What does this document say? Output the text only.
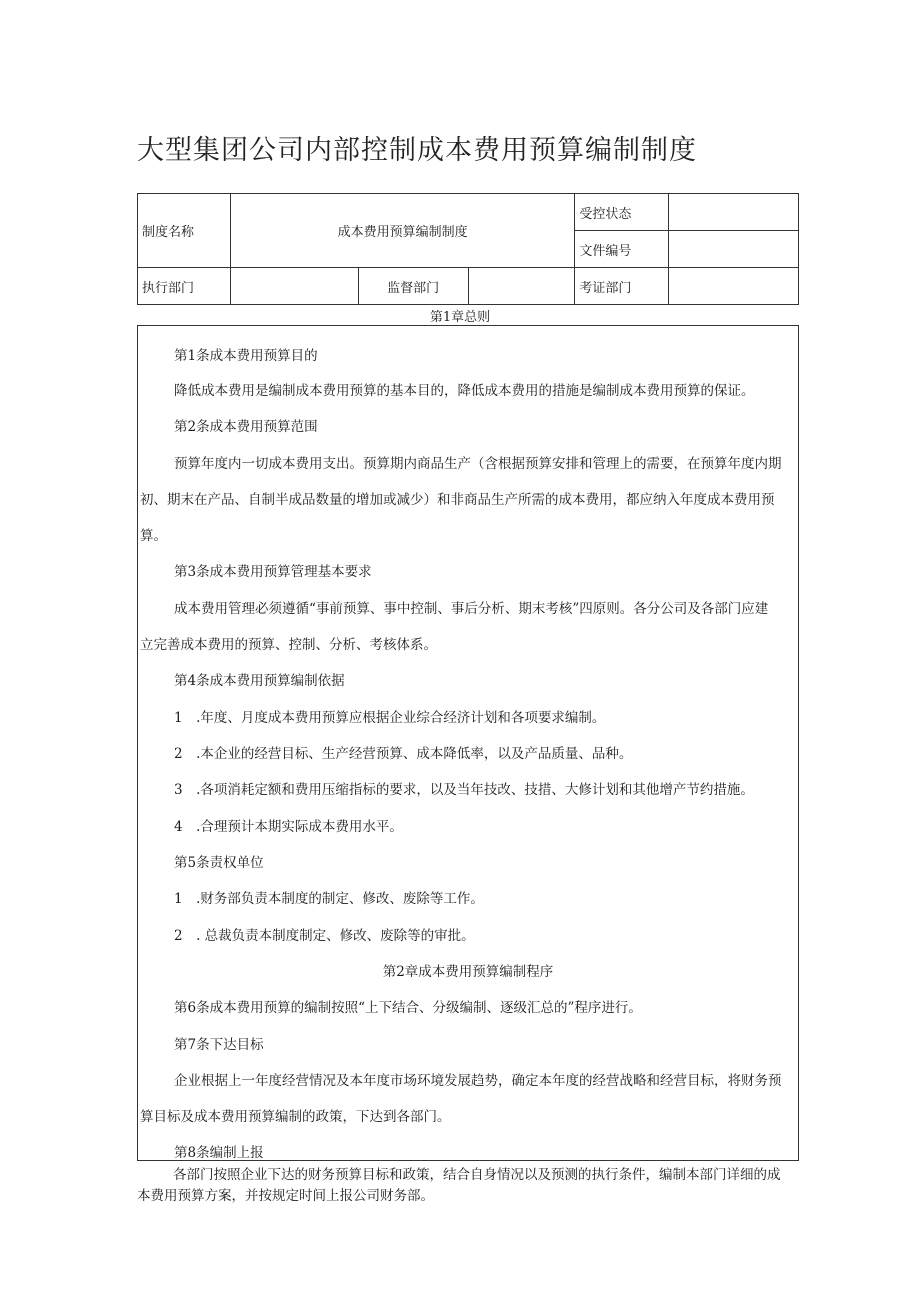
大型集团公司内部控制成本费用预算编制制度
制度名称	成本费用预算编制制度			受控状态	
				文件编号	
执行部门		监督部门		考证部门	
第1章总则
第1条成本费用预算目的
降低成本费用是编制成本费用预算的基本目的，降低成本费用的措施是编制成本费用预算的保证。
第2条成本费用预算范围
预算年度内一切成本费用支出。预算期内商品生产（含根据预算安排和管理上的需要，在预算年度内期
初、期末在产品、自制半成品数量的增加或减少）和非商品生产所需的成本费用，都应纳入年度成本费用预
算。
第3条成本费用预算管理基本要求
成本费用管理必须遵循“事前预算、事中控制、事后分析、期末考核”四原则。各分公司及各部门应建
立完善成本费用的预算、控制、分析、考核体系。
第4条成本费用预算编制依据
1　.年度、月度成本费用预算应根据企业综合经济计划和各项要求编制。
2　.本企业的经营目标、生产经营预算、成本降低率，以及产品质量、品种。
3　.各项消耗定额和费用压缩指标的要求，以及当年技改、技措、大修计划和其他增产节约措施。
4　.合理预计本期实际成本费用水平。
第5条责权单位
1　.财务部负责本制度的制定、修改、废除等工作。
2　. 总裁负责本制度制定、修改、废除等的审批。
第2章成本费用预算编制程序
第6条成本费用预算的编制按照“上下结合、分级编制、逐级汇总的”程序进行。
第7条下达目标
企业根据上一年度经营情况及本年度市场环境发展趋势，确定本年度的经营战略和经营目标，将财务预
算目标及成本费用预算编制的政策，下达到各部门。
第8条编制上报
各部门按照企业下达的财务预算目标和政策，结合自身情况以及预测的执行条件，编制本部门详细的成
本费用预算方案，并按规定时间上报公司财务部。
